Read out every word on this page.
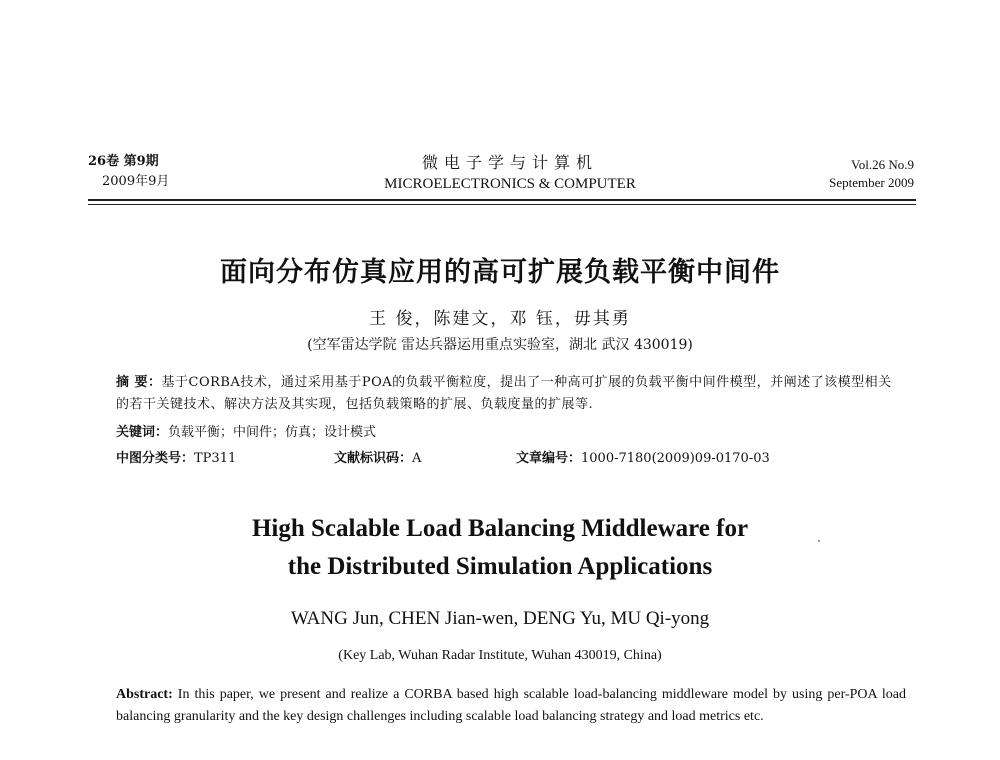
26卷 第9期
2009年9月
微电子学与计算机
MICROELECTRONICS & COMPUTER
Vol.26 No.9
September 2009
面向分布仿真应用的高可扩展负载平衡中间件
王 俊，陈建文，邓 钰，毋其勇
(空军雷达学院 雷达兵器运用重点实验室，湖北 武汉 430019)
摘 要：基于CORBA技术，通过采用基于POA的负载平衡粒度，提出了一种高可扩展的负载平衡中间件模型，并阐述了该模型相关的若干关键技术、解决方法及其实现，包括负载策略的扩展、负载度量的扩展等.
关键词：负载平衡；中间件；仿真；设计模式
中图分类号：TP311	文献标识码：A	文章编号：1000-7180(2009)09-0170-03
High Scalable Load Balancing Middleware for
the Distributed Simulation Applications
WANG Jun, CHEN Jian-wen, DENG Yu, MU Qi-yong
(Key Lab, Wuhan Radar Institute, Wuhan 430019, China)
Abstract: In this paper, we present and realize a CORBA based high scalable load-balancing middleware model by using per-POA load balancing granularity and the key design challenges including scalable load balancing strategy and load metrics etc.
